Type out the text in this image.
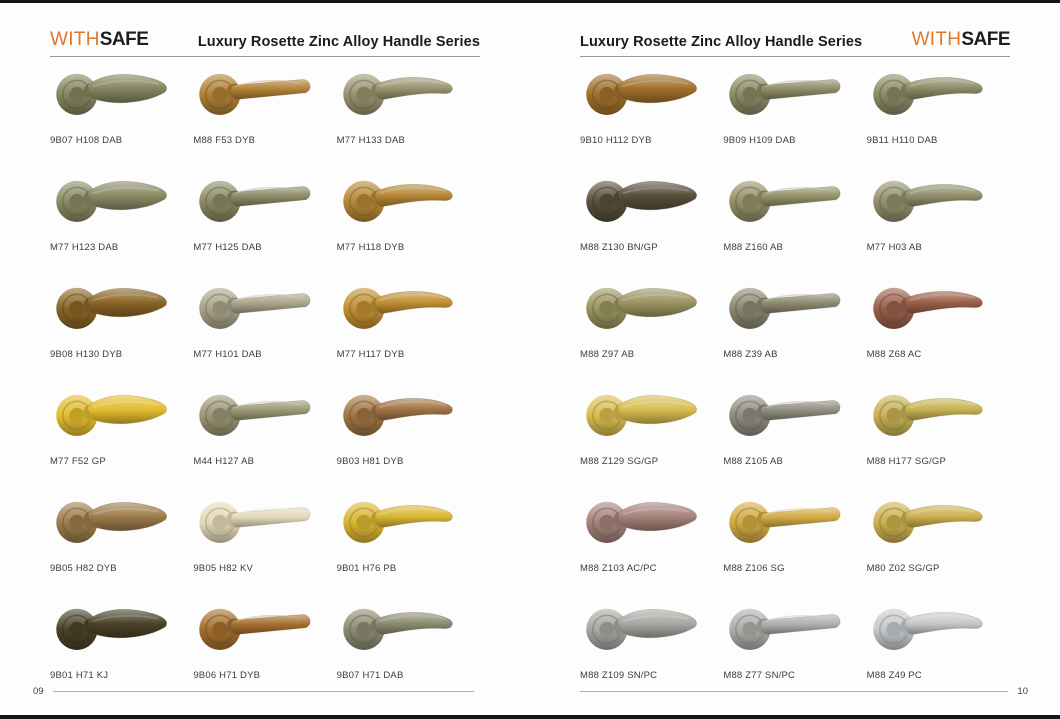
WITHSAFE	Luxury Rosette Zinc Alloy Handle Series
9B07 H108 DAB	M88 F53 DYB	M77 H133 DAB
M77 H123 DAB	M77 H125 DAB	M77 H118 DYB
9B08 H130 DYB	M77 H101 DAB	M77 H117 DYB
M77 F52 GP	M44 H127 AB	9B03 H81 DYB
9B05 H82 DYB	9B05 H82 KV	9B01 H76 PB
9B01 H71 KJ	9B06 H71 DYB	9B07 H71 DAB
09
Luxury Rosette Zinc Alloy Handle Series	WITHSAFE
9B10 H112 DYB	9B09 H109 DAB	9B11 H110 DAB
M88 Z130 BN/GP	M88 Z160 AB	M77 H03 AB
M88 Z97 AB	M88 Z39 AB	M88 Z68 AC
M88 Z129 SG/GP	M88 Z105 AB	M88 H177 SG/GP
M88 Z103 AC/PC	M88 Z106 SG	M80 Z02 SG/GP
M88 Z109 SN/PC	M88 Z77 SN/PC	M88 Z49 PC
10
